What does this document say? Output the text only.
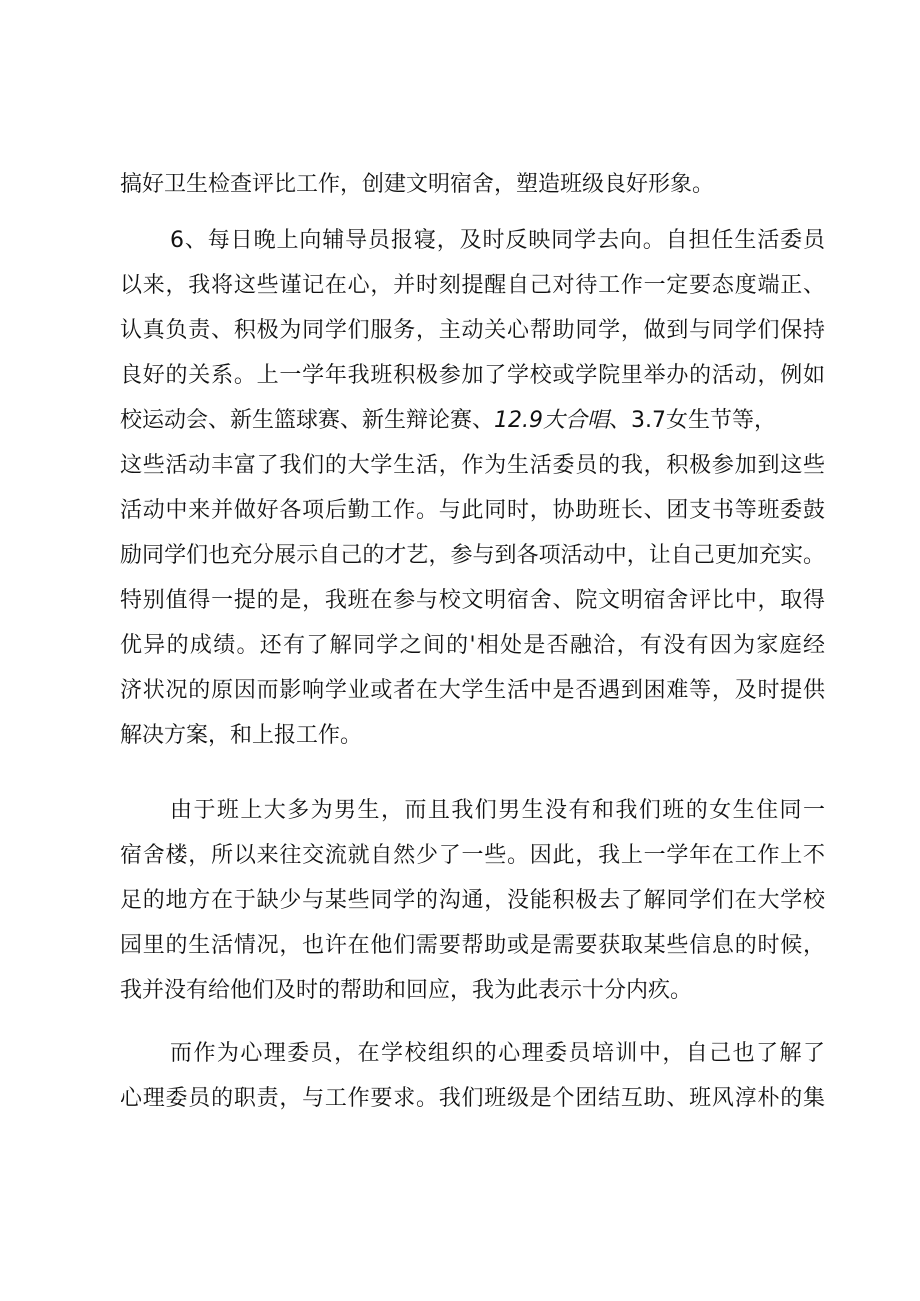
搞好卫生检查评比工作，创建文明宿舍，塑造班级良好形象。
6、每日晚上向辅导员报寝，及时反映同学去向。自担任生活委员
以来，我将这些谨记在心，并时刻提醒自己对待工作一定要态度端正、
认真负责、积极为同学们服务，主动关心帮助同学，做到与同学们保持
良好的关系。上一学年我班积极参加了学校或学院里举办的活动，例如
校运动会、新生篮球赛、新生辩论赛、12.9大合唱、3.7女生节等，
这些活动丰富了我们的大学生活，作为生活委员的我，积极参加到这些
活动中来并做好各项后勤工作。与此同时，协助班长、团支书等班委鼓
励同学们也充分展示自己的才艺，参与到各项活动中，让自己更加充实。
特别值得一提的是，我班在参与校文明宿舍、院文明宿舍评比中，取得
优异的成绩。还有了解同学之间的'相处是否融洽，有没有因为家庭经
济状况的原因而影响学业或者在大学生活中是否遇到困难等，及时提供
解决方案，和上报工作。
由于班上大多为男生，而且我们男生没有和我们班的女生住同一
宿舍楼，所以来往交流就自然少了一些。因此，我上一学年在工作上不
足的地方在于缺少与某些同学的沟通，没能积极去了解同学们在大学校
园里的生活情况，也许在他们需要帮助或是需要获取某些信息的时候，
我并没有给他们及时的帮助和回应，我为此表示十分内疚。
而作为心理委员，在学校组织的心理委员培训中，自己也了解了
心理委员的职责，与工作要求。我们班级是个团结互助、班风淳朴的集
